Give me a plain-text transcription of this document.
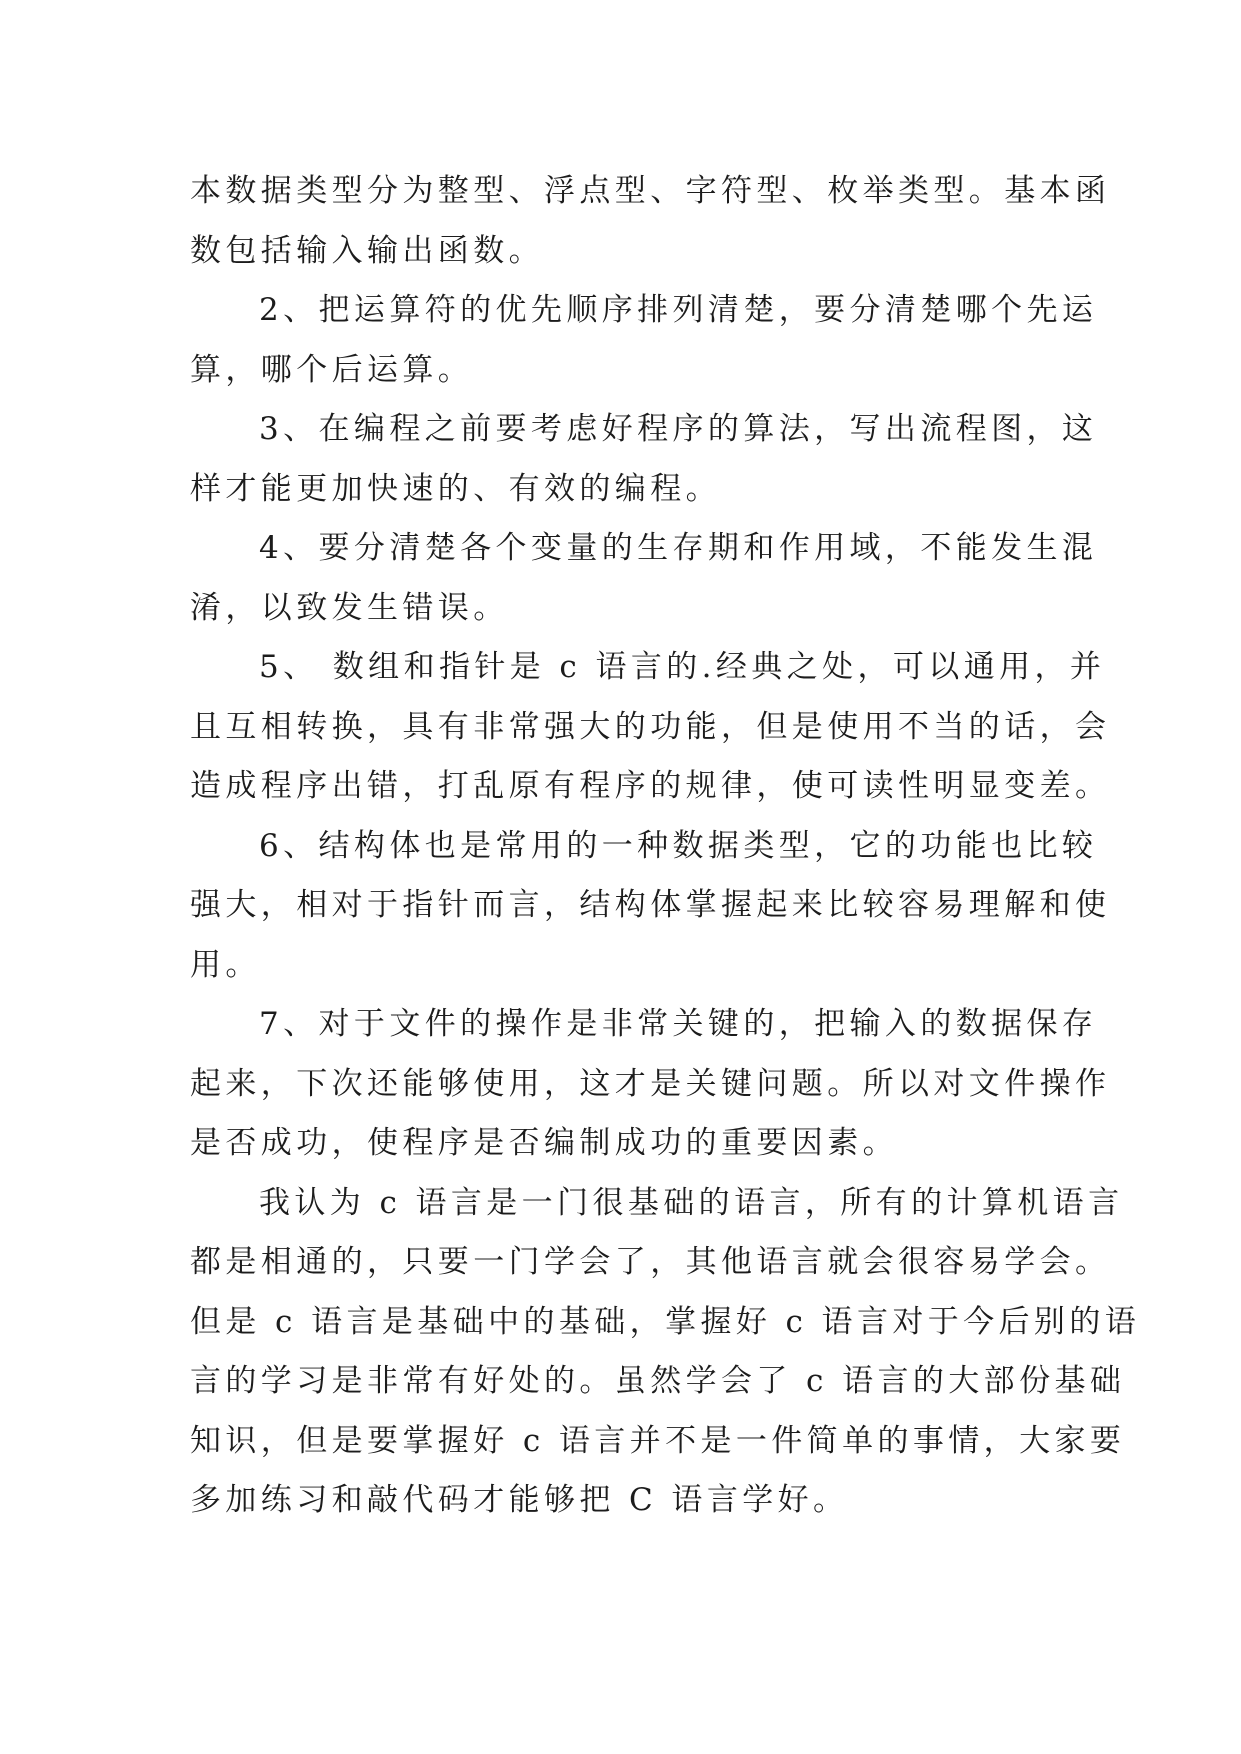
本数据类型分为整型、浮点型、字符型、枚举类型。基本函
数包括输入输出函数。
2、把运算符的优先顺序排列清楚，要分清楚哪个先运
算，哪个后运算。
3、在编程之前要考虑好程序的算法，写出流程图，这
样才能更加快速的、有效的编程。
4、要分清楚各个变量的生存期和作用域，不能发生混
淆，以致发生错误。
5、 数组和指针是 c 语言的.经典之处，可以通用，并
且互相转换，具有非常强大的功能，但是使用不当的话，会
造成程序出错，打乱原有程序的规律，使可读性明显变差。
6、结构体也是常用的一种数据类型，它的功能也比较
强大，相对于指针而言，结构体掌握起来比较容易理解和使
用。
7、对于文件的操作是非常关键的，把输入的数据保存
起来，下次还能够使用，这才是关键问题。所以对文件操作
是否成功，使程序是否编制成功的重要因素。
我认为 c 语言是一门很基础的语言，所有的计算机语言
都是相通的，只要一门学会了，其他语言就会很容易学会。
但是 c 语言是基础中的基础，掌握好 c 语言对于今后别的语
言的学习是非常有好处的。虽然学会了 c 语言的大部份基础
知识，但是要掌握好 c 语言并不是一件简单的事情，大家要
多加练习和敲代码才能够把 C 语言学好。
